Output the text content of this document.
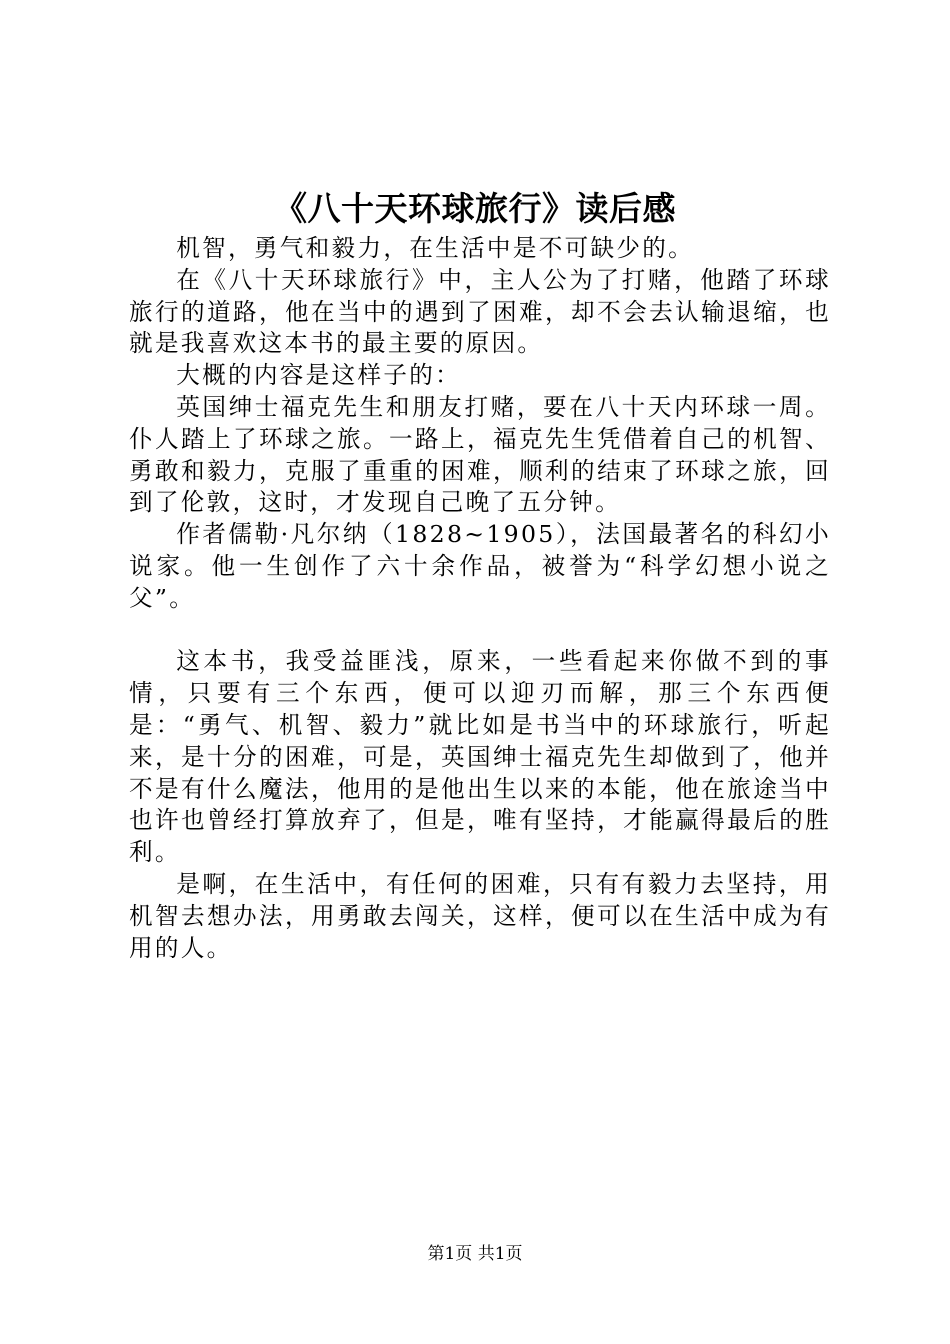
《八十天环球旅行》读后感

机智，勇气和毅力，在生活中是不可缺少的。

在《八十天环球旅行》中，主人公为了打赌，他踏了环球旅行的道路，他在当中的遇到了困难，却不会去认输退缩，也就是我喜欢这本书的最主要的原因。

大概的内容是这样子的：

英国绅士福克先生和朋友打赌，要在八十天内环球一周。仆人踏上了环球之旅。一路上，福克先生凭借着自己的机智、勇敢和毅力，克服了重重的困难，顺利的结束了环球之旅，回到了伦敦，这时，才发现自己晚了五分钟。

作者儒勒·凡尔纳（1828~1905），法国最著名的科幻小说家。他一生创作了六十余作品，被誉为“科学幻想小说之父”。

这本书，我受益匪浅，原来，一些看起来你做不到的事情，只要有三个东西，便可以迎刃而解，那三个东西便是：“勇气、机智、毅力”就比如是书当中的环球旅行，听起来，是十分的困难，可是，英国绅士福克先生却做到了，他并不是有什么魔法，他用的是他出生以来的本能，他在旅途当中也许也曾经打算放弃了，但是，唯有坚持，才能赢得最后的胜利。

是啊，在生活中，有任何的困难，只有有毅力去坚持，用机智去想办法，用勇敢去闯关，这样，便可以在生活中成为有用的人。

第1页 共1页
